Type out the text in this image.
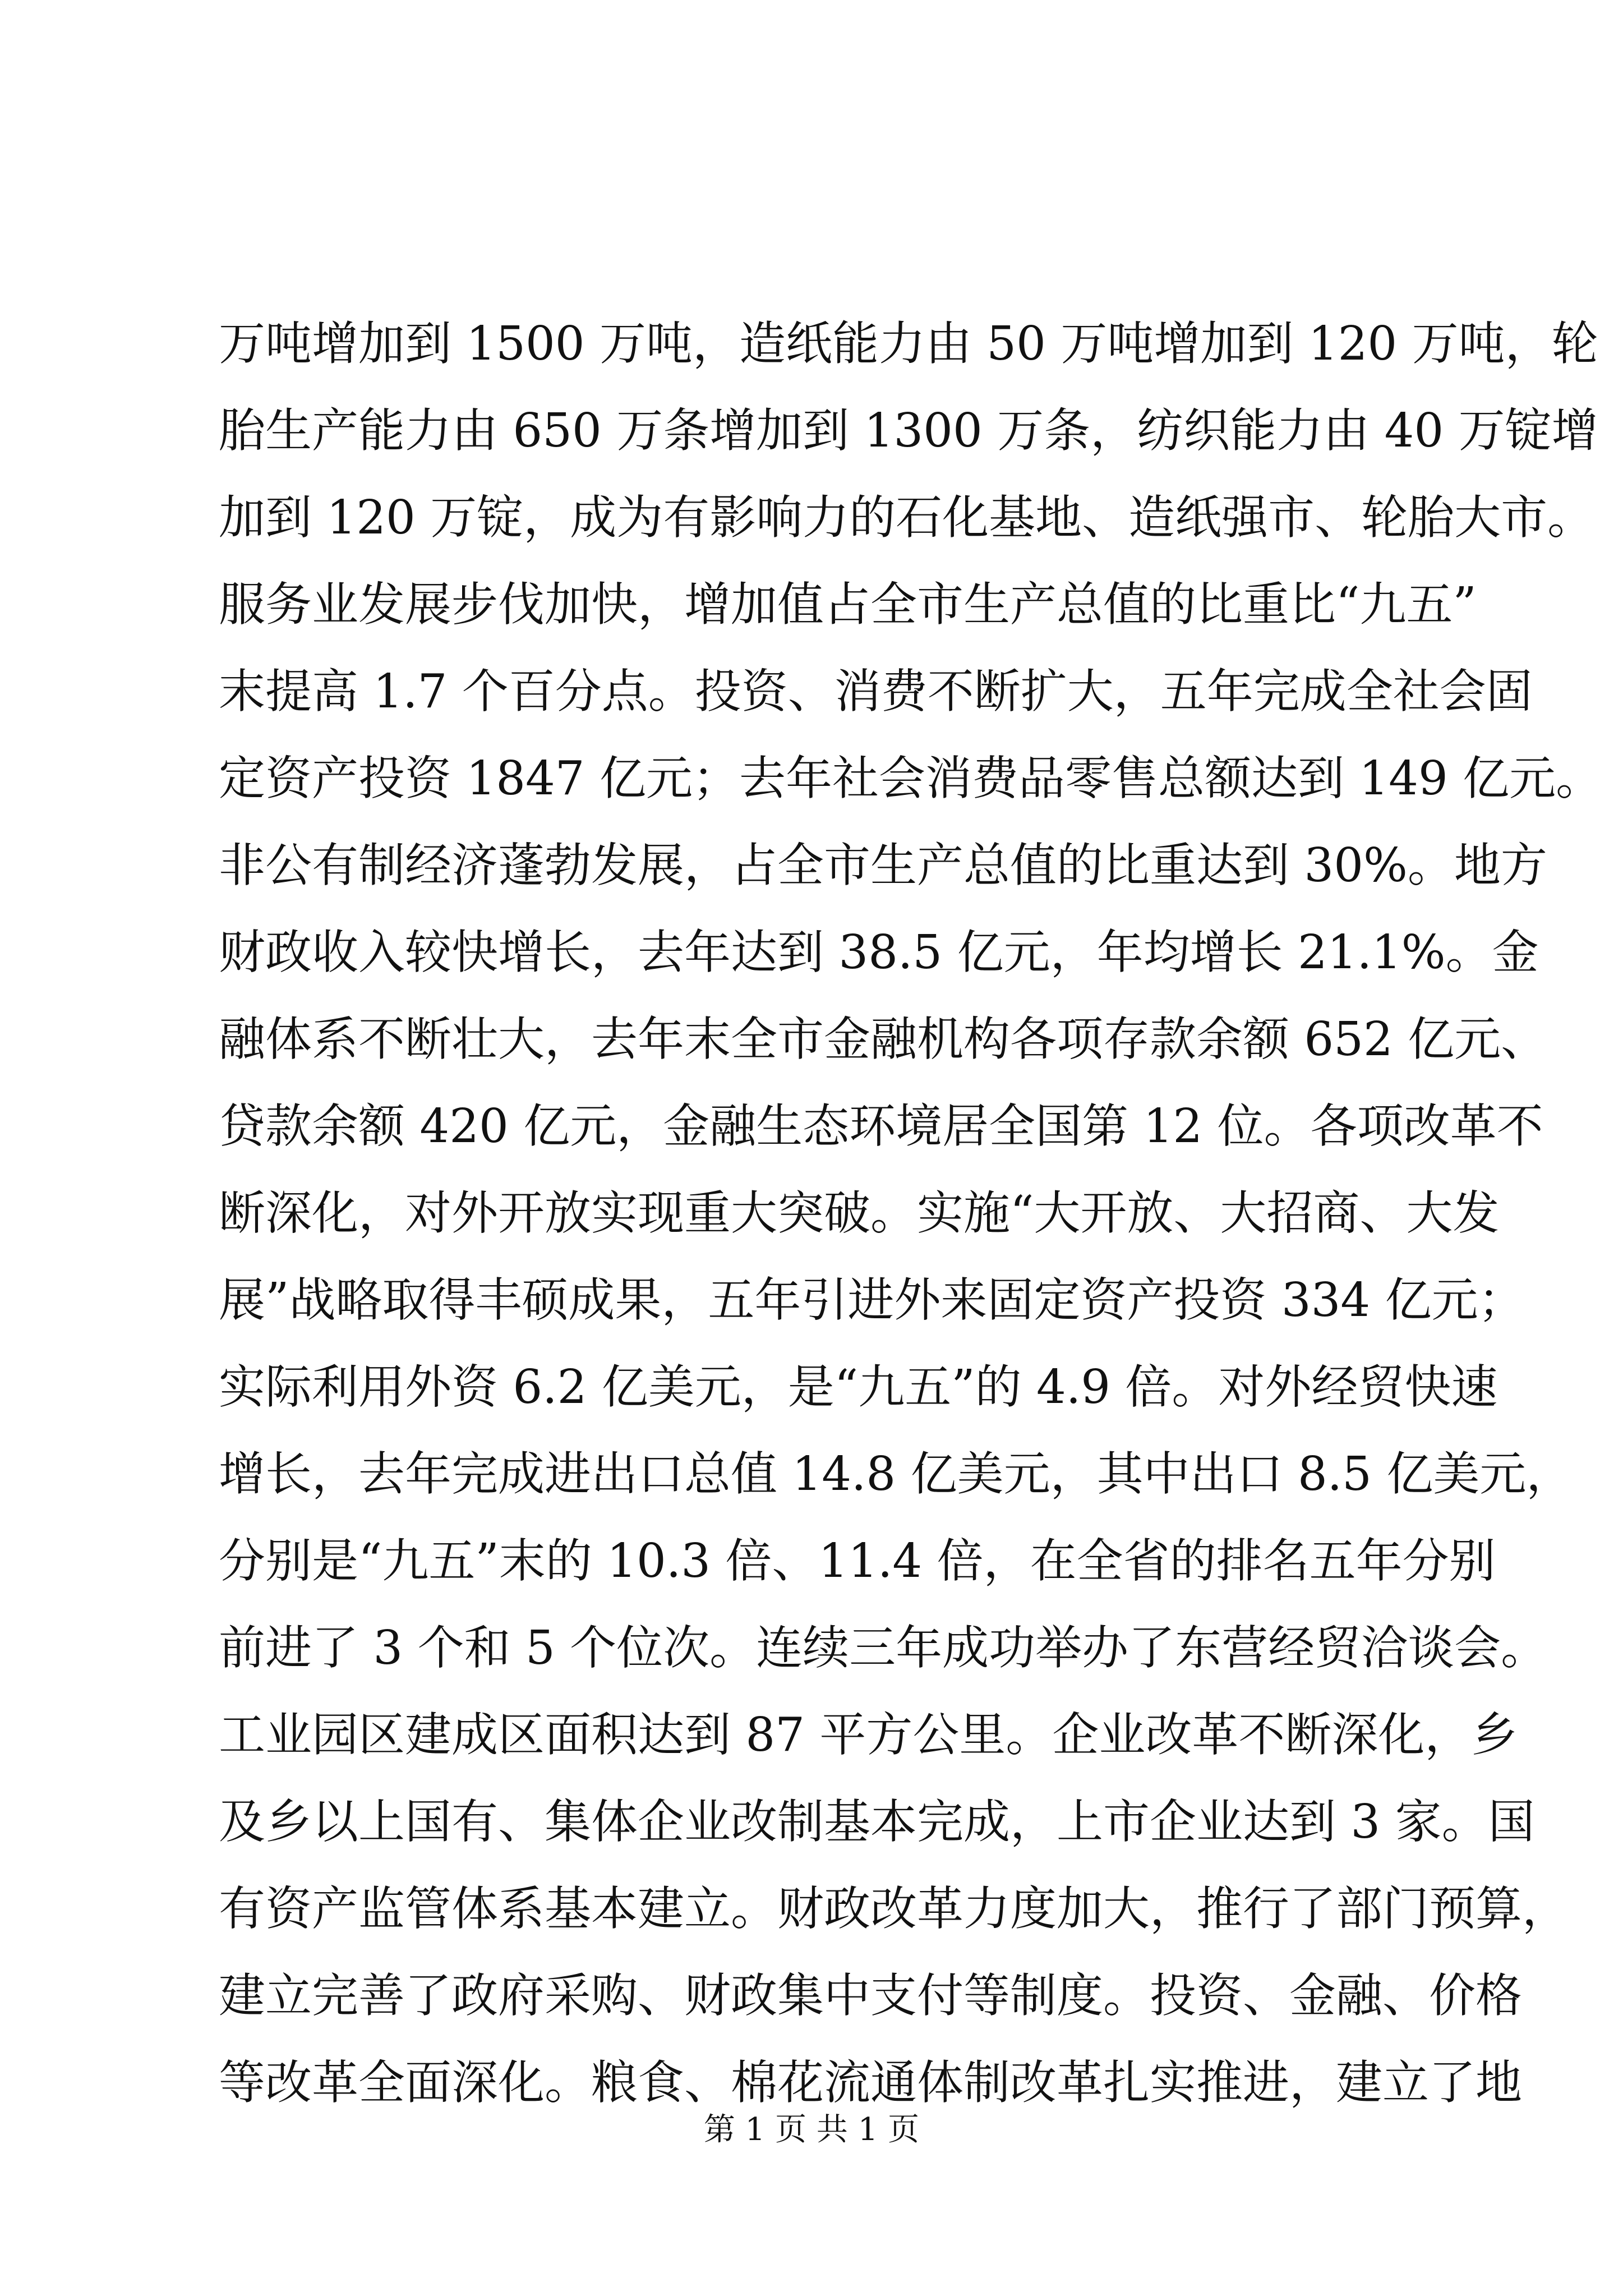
万吨增加到 1500 万吨，造纸能力由 50 万吨增加到 120 万吨，轮
胎生产能力由 650 万条增加到 1300 万条，纺织能力由 40 万锭增
加到 120 万锭，成为有影响力的石化基地、造纸强市、轮胎大市。
服务业发展步伐加快，增加值占全市生产总值的比重比“九五”
末提高 1.7 个百分点。投资、消费不断扩大，五年完成全社会固
定资产投资 1847 亿元；去年社会消费品零售总额达到 149 亿元。
非公有制经济蓬勃发展，占全市生产总值的比重达到 30%。地方
财政收入较快增长，去年达到 38.5 亿元，年均增长 21.1%。金
融体系不断壮大，去年末全市金融机构各项存款余额 652 亿元、
贷款余额 420 亿元，金融生态环境居全国第 12 位。各项改革不
断深化，对外开放实现重大突破。实施“大开放、大招商、大发
展”战略取得丰硕成果，五年引进外来固定资产投资 334 亿元；
实际利用外资 6.2 亿美元，是“九五”的 4.9 倍。对外经贸快速
增长，去年完成进出口总值 14.8 亿美元，其中出口 8.5 亿美元，
分别是“九五”末的 10.3 倍、11.4 倍，在全省的排名五年分别
前进了 3 个和 5 个位次。连续三年成功举办了东营经贸洽谈会。
工业园区建成区面积达到 87 平方公里。企业改革不断深化，乡
及乡以上国有、集体企业改制基本完成，上市企业达到 3 家。国
有资产监管体系基本建立。财政改革力度加大，推行了部门预算，
建立完善了政府采购、财政集中支付等制度。投资、金融、价格
等改革全面深化。粮食、棉花流通体制改革扎实推进，建立了地
第 1 页 共 1 页
